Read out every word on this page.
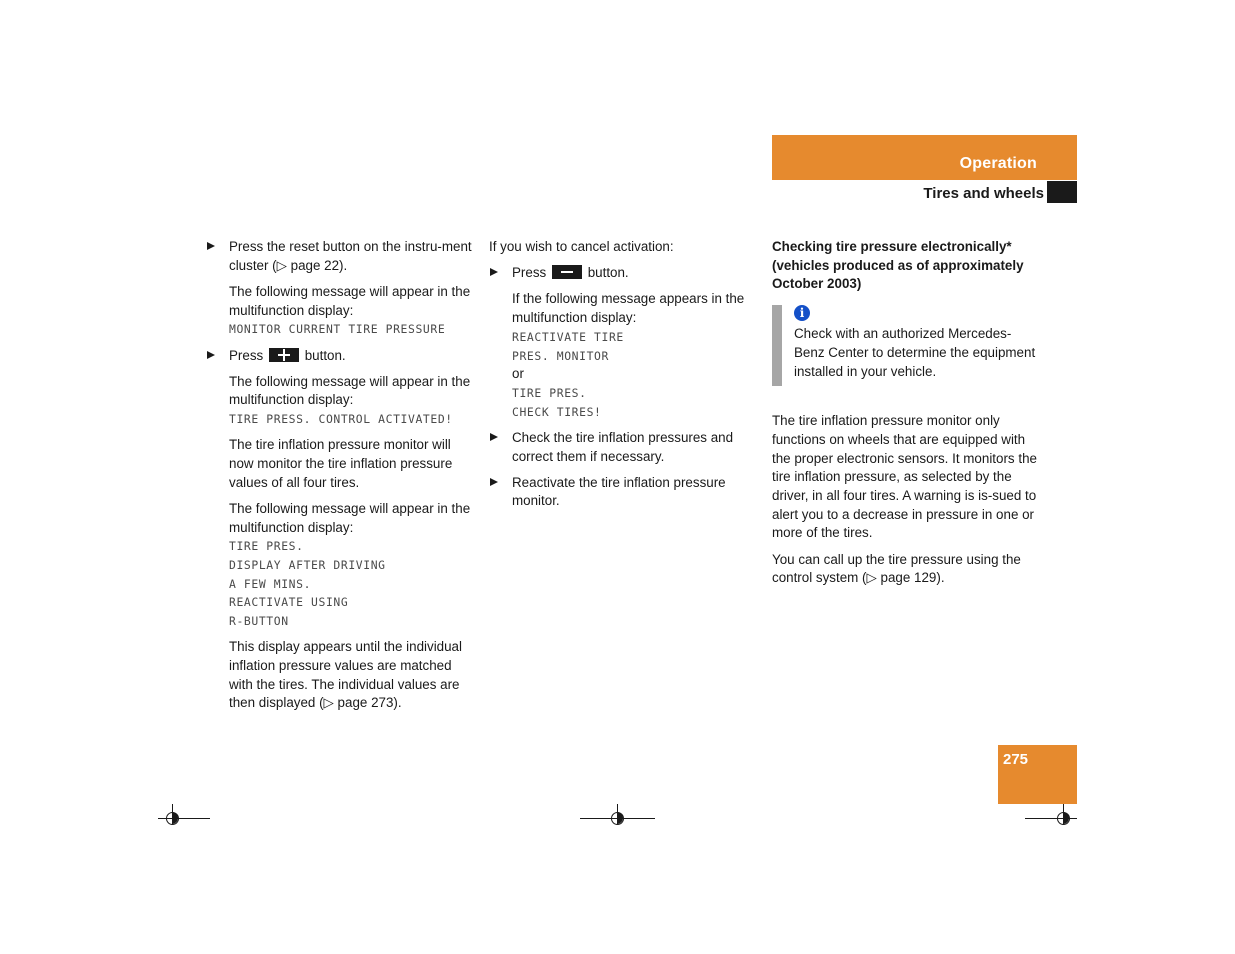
Operation
Tires and wheels
Press the reset button on the instru-ment cluster (▷ page 22).

The following message will appear in the multifunction display:
MONITOR CURRENT TIRE PRESSURE

Press	button.

The following message will appear in the multifunction display:
TIRE PRESS. CONTROL ACTIVATED!

The tire inflation pressure monitor will now monitor the tire inflation pressure values of all four tires.

The following message will appear in the multifunction display:
TIRE PRES.
DISPLAY AFTER DRIVING
A FEW MINS.
REACTIVATE USING
R-BUTTON

This display appears until the individual inflation pressure values are matched with the tires. The individual values are then displayed (▷ page 273).

If you wish to cancel activation:

Press	button.

If the following message appears in the multifunction display:
REACTIVATE TIRE
PRES. MONITOR
or
TIRE PRES.
CHECK TIRES!

Check the tire inflation pressures and correct them if necessary.
Reactivate the tire inflation pressure monitor.

Checking tire pressure electronically* (vehicles produced as of approximately October 2003)

i
Check with an authorized Mercedes-Benz Center to determine the equipment installed in your vehicle.

The tire inflation pressure monitor only functions on wheels that are equipped with the proper electronic sensors. It monitors the tire inflation pressure, as selected by the driver, in all four tires. A warning is is-sued to alert you to a decrease in pressure in one or more of the tires.

You can call up the tire pressure using the control system (▷ page 129).

275
